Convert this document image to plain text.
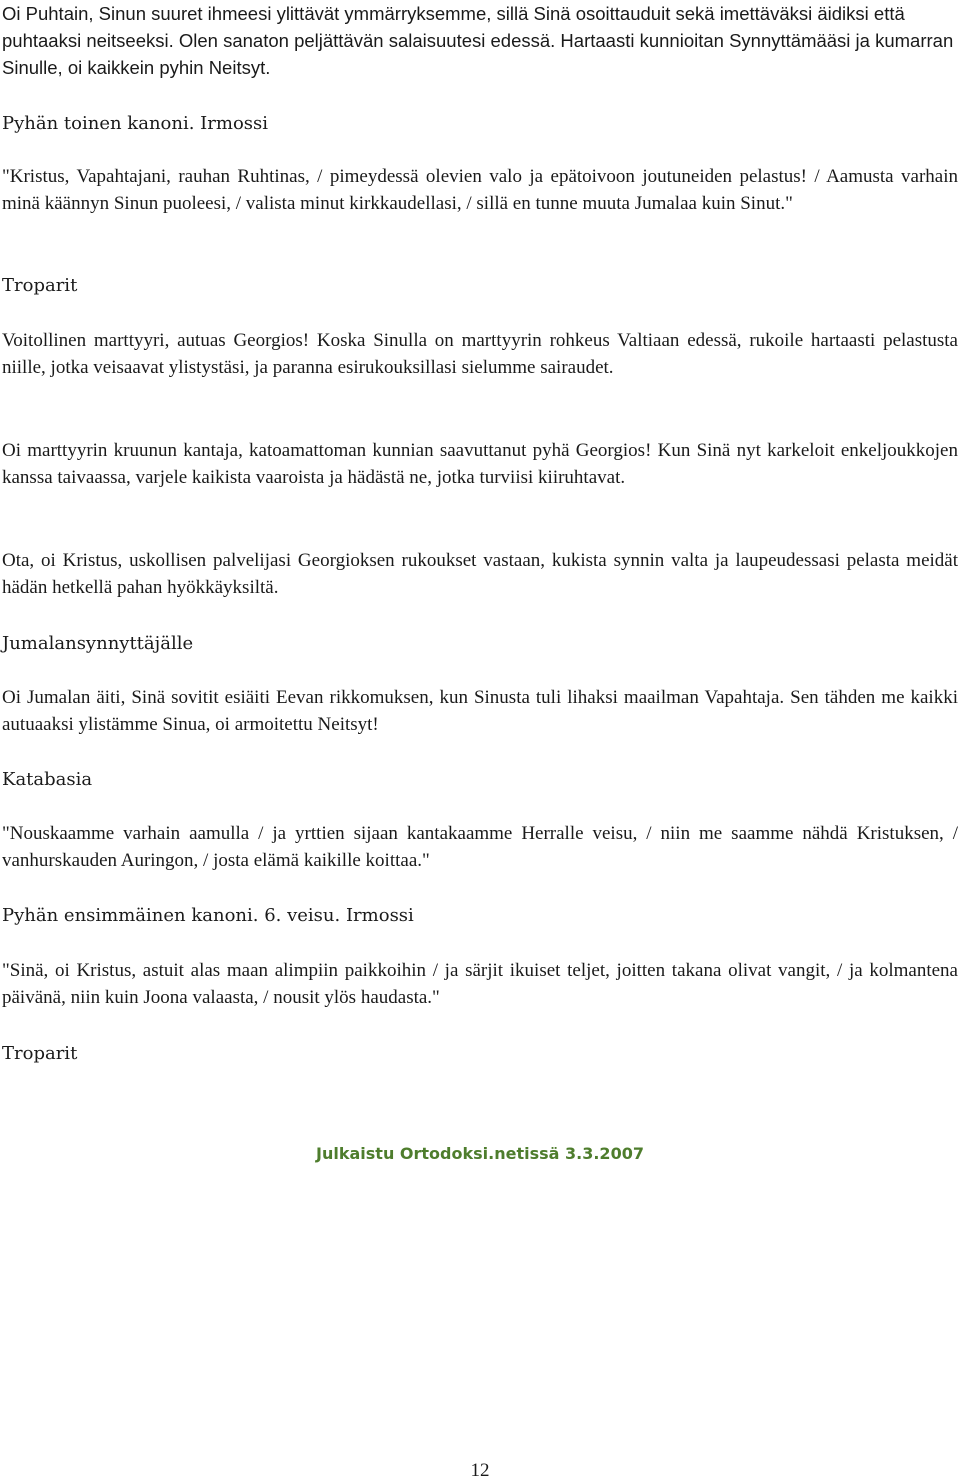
Oi Puhtain, Sinun suuret ihmeesi ylittävät ymmärryksemme, sillä Sinä osoittauduit sekä imettäväksi äidiksi että puhtaaksi neitseeksi. Olen sanaton peljättävän salaisuutesi edessä. Hartaasti kunnioitan Synnyttämääsi ja kumarran Sinulle, oi kaikkein pyhin Neitsyt.

Pyhän toinen kanoni. Irmossi

"Kristus, Vapahtajani, rauhan Ruhtinas, / pimeydessä olevien valo ja epätoivoon joutuneiden pelastus! / Aamusta varhain minä käännyn Sinun puoleesi, / valista minut kirkkaudellasi, / sillä en tunne muuta Jumalaa kuin Sinut."

Troparit

Voitollinen marttyyri, autuas Georgios! Koska Sinulla on marttyyrin rohkeus Valtiaan edessä, rukoile hartaasti pelastusta niille, jotka veisaavat ylistystäsi, ja paranna esirukouksillasi sielumme sairaudet.

Oi marttyyrin kruunun kantaja, katoamattoman kunnian saavuttanut pyhä Georgios! Kun Sinä nyt karkeloit enkeljoukkojen kanssa taivaassa, varjele kaikista vaaroista ja hädästä ne, jotka turviisi kiiruhtavat.

Ota, oi Kristus, uskollisen palvelijasi Georgioksen rukoukset vastaan, kukista synnin valta ja laupeudessasi pelasta meidät hädän hetkellä pahan hyökkäyksiltä.

Jumalansynnyttäjälle

Oi Jumalan äiti, Sinä sovitit esiäiti Eevan rikkomuksen, kun Sinusta tuli lihaksi maailman Vapahtaja. Sen tähden me kaikki autuaaksi ylistämme Sinua, oi armoitettu Neitsyt!

Katabasia

"Nouskaamme varhain aamulla / ja yrttien sijaan kantakaamme Herralle veisu, / niin me saamme nähdä Kristuksen, / vanhurskauden Auringon, / josta elämä kaikille koittaa."

Pyhän ensimmäinen kanoni. 6. veisu. Irmossi

"Sinä, oi Kristus, astuit alas maan alimpiin paikkoihin / ja särjit ikuiset teljet, joitten takana olivat vangit, / ja kolmantena päivänä, niin kuin Joona valaasta, / nousit ylös haudasta."

Troparit

Julkaistu Ortodoksi.netissä 3.3.2007
12
